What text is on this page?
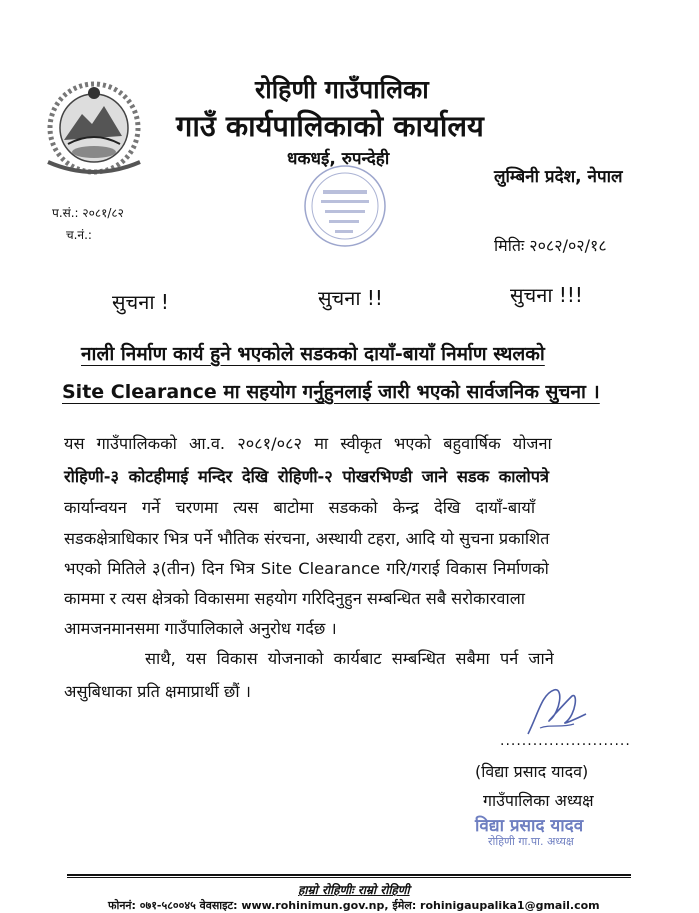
रोहिणी गाउँपालिका
गाउँ कार्यपालिकाको कार्यालय
धकधई, रुपन्देही
लुम्बिनी प्रदेश, नेपाल
प.सं.: २०८१/८२
च.नं.:
मितिः २०८२/०२/१८
सुचना !	सुचना !!	सुचना !!!
नाली निर्माण कार्य हुने भएकोले सडकको दायाँ-बायाँ निर्माण स्थलको
Site Clearance मा सहयोग गर्नुहुनलाई जारी भएको सार्वजनिक सुचना ।
यस गाउँपालिकको आ.व. २०८१/०८२ मा स्वीकृत भएको बहुवार्षिक योजना
रोहिणी-३ कोटहीमाई मन्दिर देखि रोहिणी-२ पोखरभिण्डी जाने सडक कालोपत्रे
कार्यान्वयन गर्ने चरणमा त्यस बाटोमा सडकको केन्द्र देखि दायाँ-बायाँ
सडकक्षेत्राधिकार भित्र पर्ने भौतिक संरचना, अस्थायी टहरा, आदि यो सुचना प्रकाशित
भएको मितिले ३(तीन) दिन भित्र Site Clearance गरि/गराई विकास निर्माणको
काममा र त्यस क्षेत्रको विकासमा सहयोग गरिदिनुहुन सम्बन्धित सबै सरोकारवाला
आमजनमानसमा गाउँपालिकाले अनुरोध गर्दछ ।
साथै, यस विकास योजनाको कार्यबाट सम्बन्धित सबैमा पर्न जाने
असुबिधाका प्रति क्षमाप्रार्थी छौं ।
........................
(विद्या प्रसाद यादव)
गाउँपालिका अध्यक्ष
विद्या प्रसाद यादव
रोहिणी गा.पा. अध्यक्ष
हाम्रो रोहिणीः राम्रो रोहिणी
फोननं: ०७१-५८००४५ वेवसाइट: www.rohinimun.gov.np, ईमेल: rohinigaupalika1@gmail.com
